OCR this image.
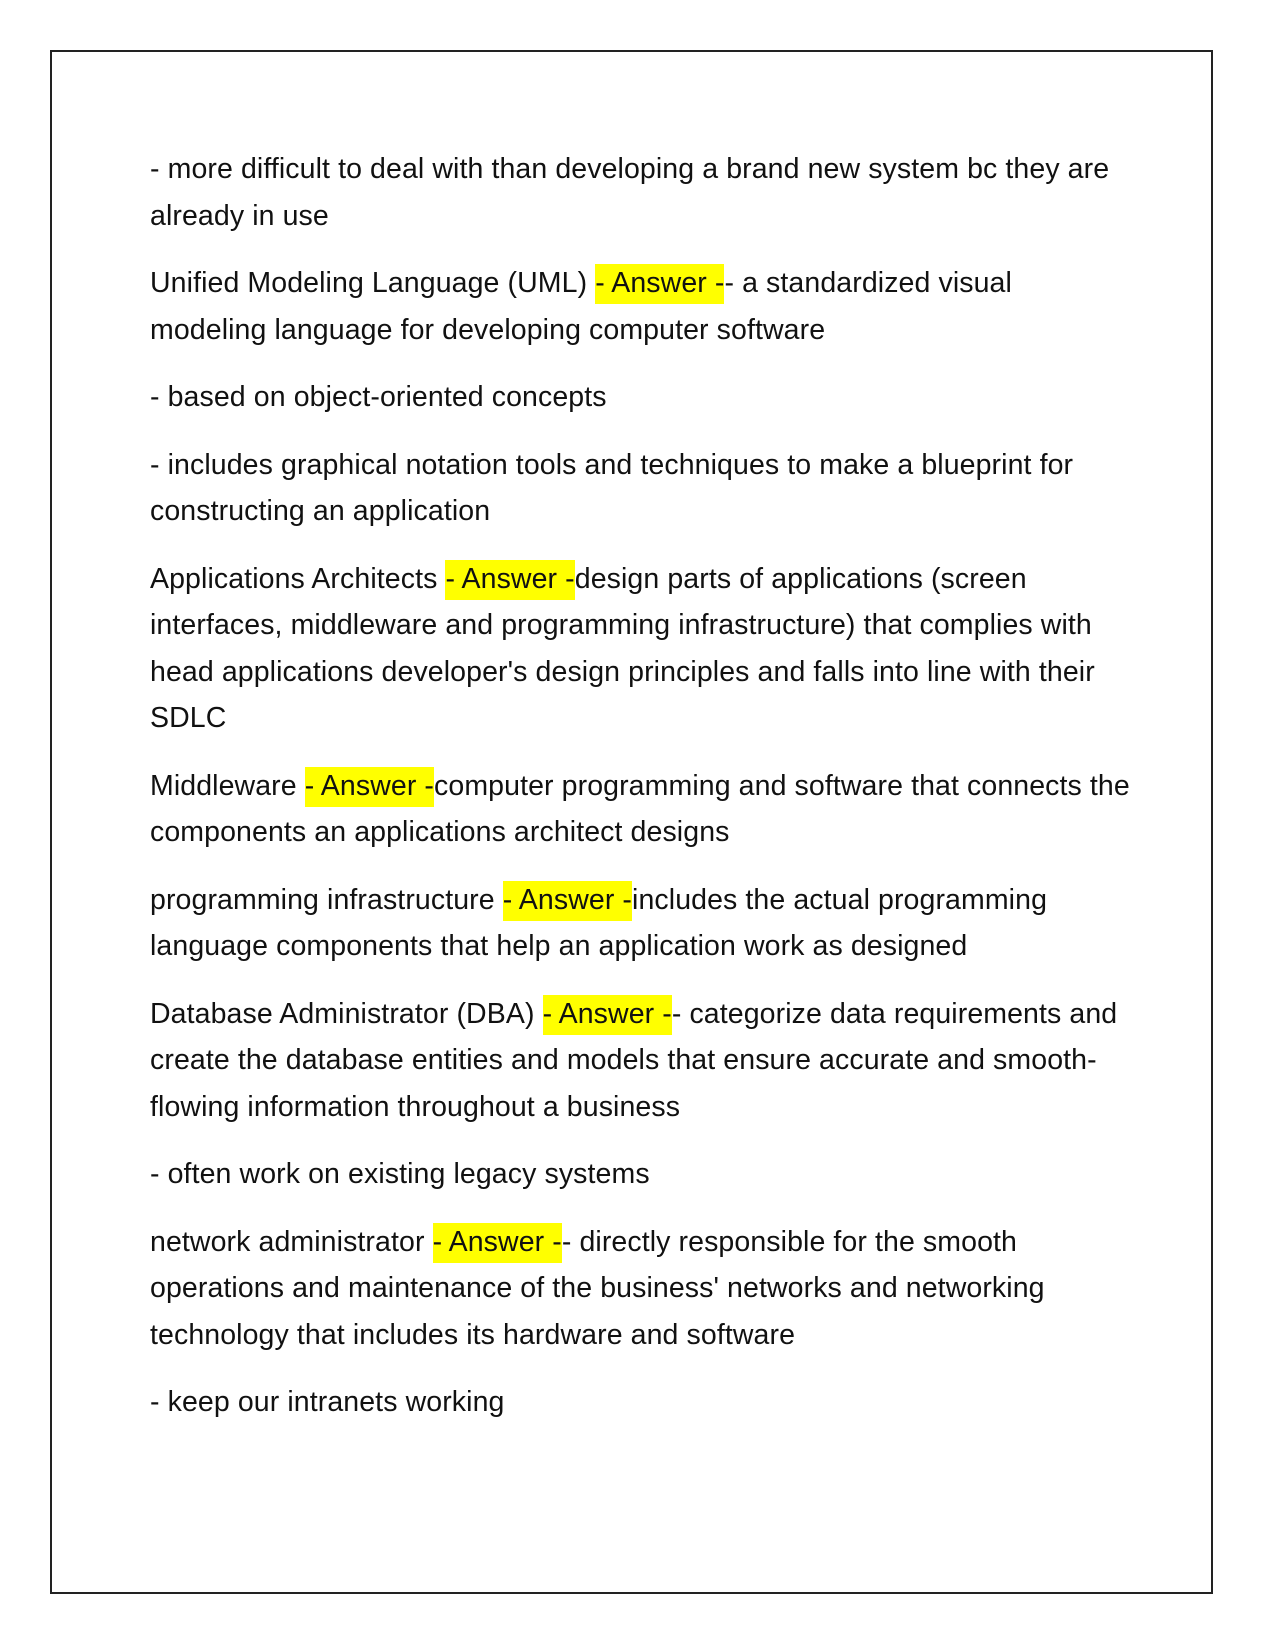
- more difficult to deal with than developing a brand new system bc they are already in use

Unified Modeling Language (UML) - Answer -- a standardized visual modeling language for developing computer software

- based on object-oriented concepts

- includes graphical notation tools and techniques to make a blueprint for constructing an application

Applications Architects - Answer -design parts of applications (screen interfaces, middleware and programming infrastructure) that complies with head applications developer's design principles and falls into line with their SDLC

Middleware - Answer -computer programming and software that connects the components an applications architect designs

programming infrastructure - Answer -includes the actual programming language components that help an application work as designed

Database Administrator (DBA) - Answer -- categorize data requirements and create the database entities and models that ensure accurate and smooth-flowing information throughout a business

- often work on existing legacy systems

network administrator - Answer -- directly responsible for the smooth operations and maintenance of the business' networks and networking technology that includes its hardware and software

- keep our intranets working
